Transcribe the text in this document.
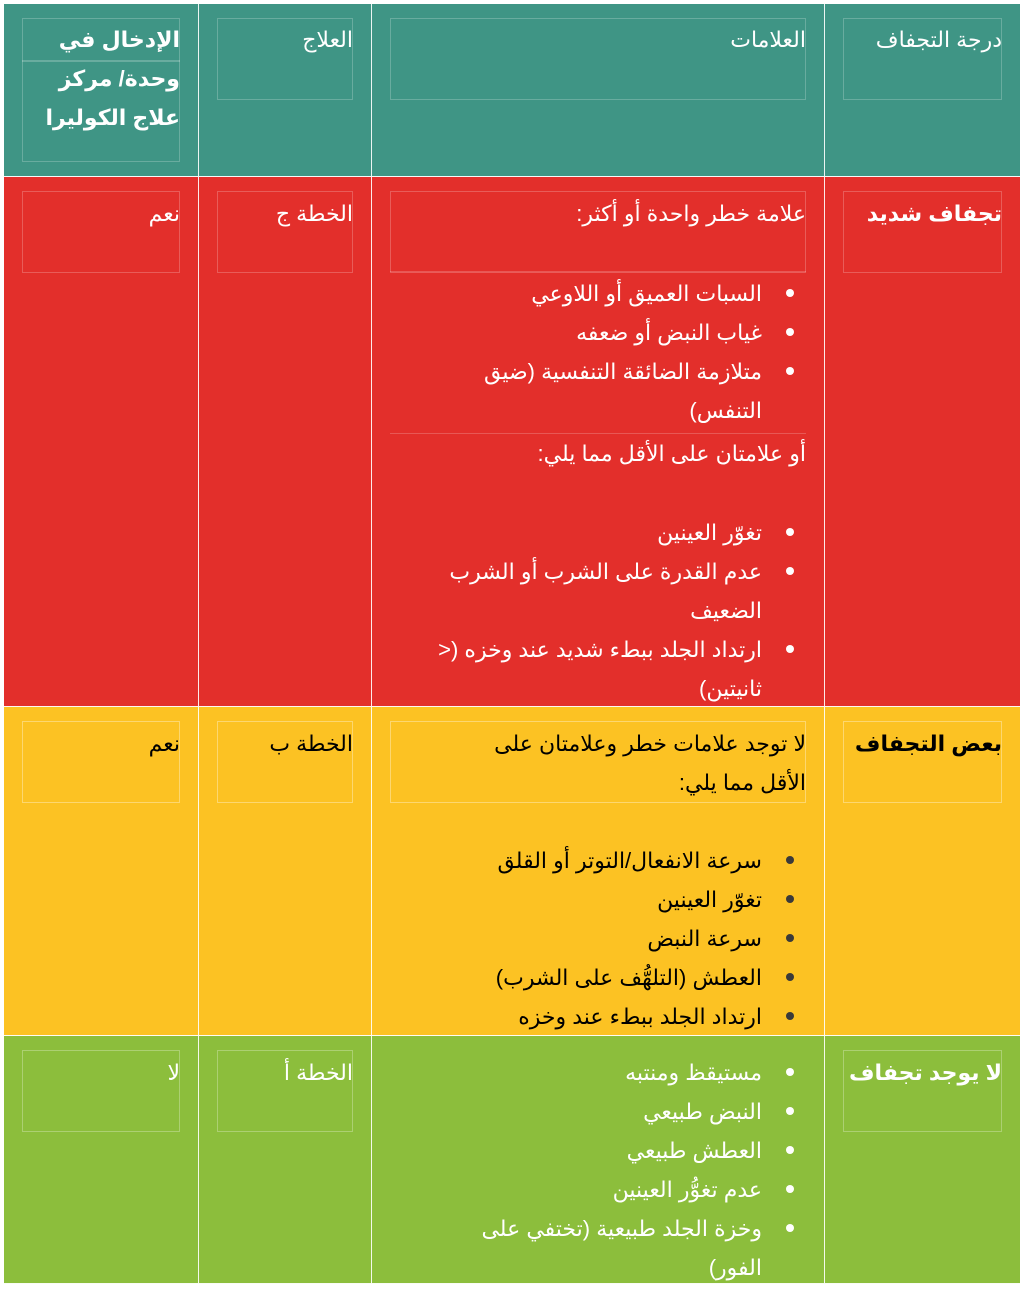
درجة التجفاف
العلامات
العلاج
الإدخال في
وحدة/ مركز
علاج الكوليرا
تجفاف شديد
علامة خطر واحدة أو أكثر:
السبات العميق أو اللاوعي
غياب النبض أو ضعفه
متلازمة الضائقة التنفسية (ضيق
التنفس)
أو علامتان على الأقل مما يلي:
تغوّر العينين
عدم القدرة على الشرب أو الشرب
الضعيف
ارتداد الجلد ببطء شديد عند وخزه (<
ثانيتين)
الخطة ج
نعم
بعض التجفاف
لا توجد علامات خطر وعلامتان على
الأقل مما يلي:
سرعة الانفعال/التوتر أو القلق
تغوّر العينين
سرعة النبض
العطش (التلهُّف على الشرب)
ارتداد الجلد ببطء عند وخزه
الخطة ب
نعم
لا يوجد تجفاف
مستيقظ ومنتبه
النبض طبيعي
العطش طبيعي
عدم تغوُّر العينين
وخزة الجلد طبيعية (تختفي على
الفور)
الخطة أ
لا
